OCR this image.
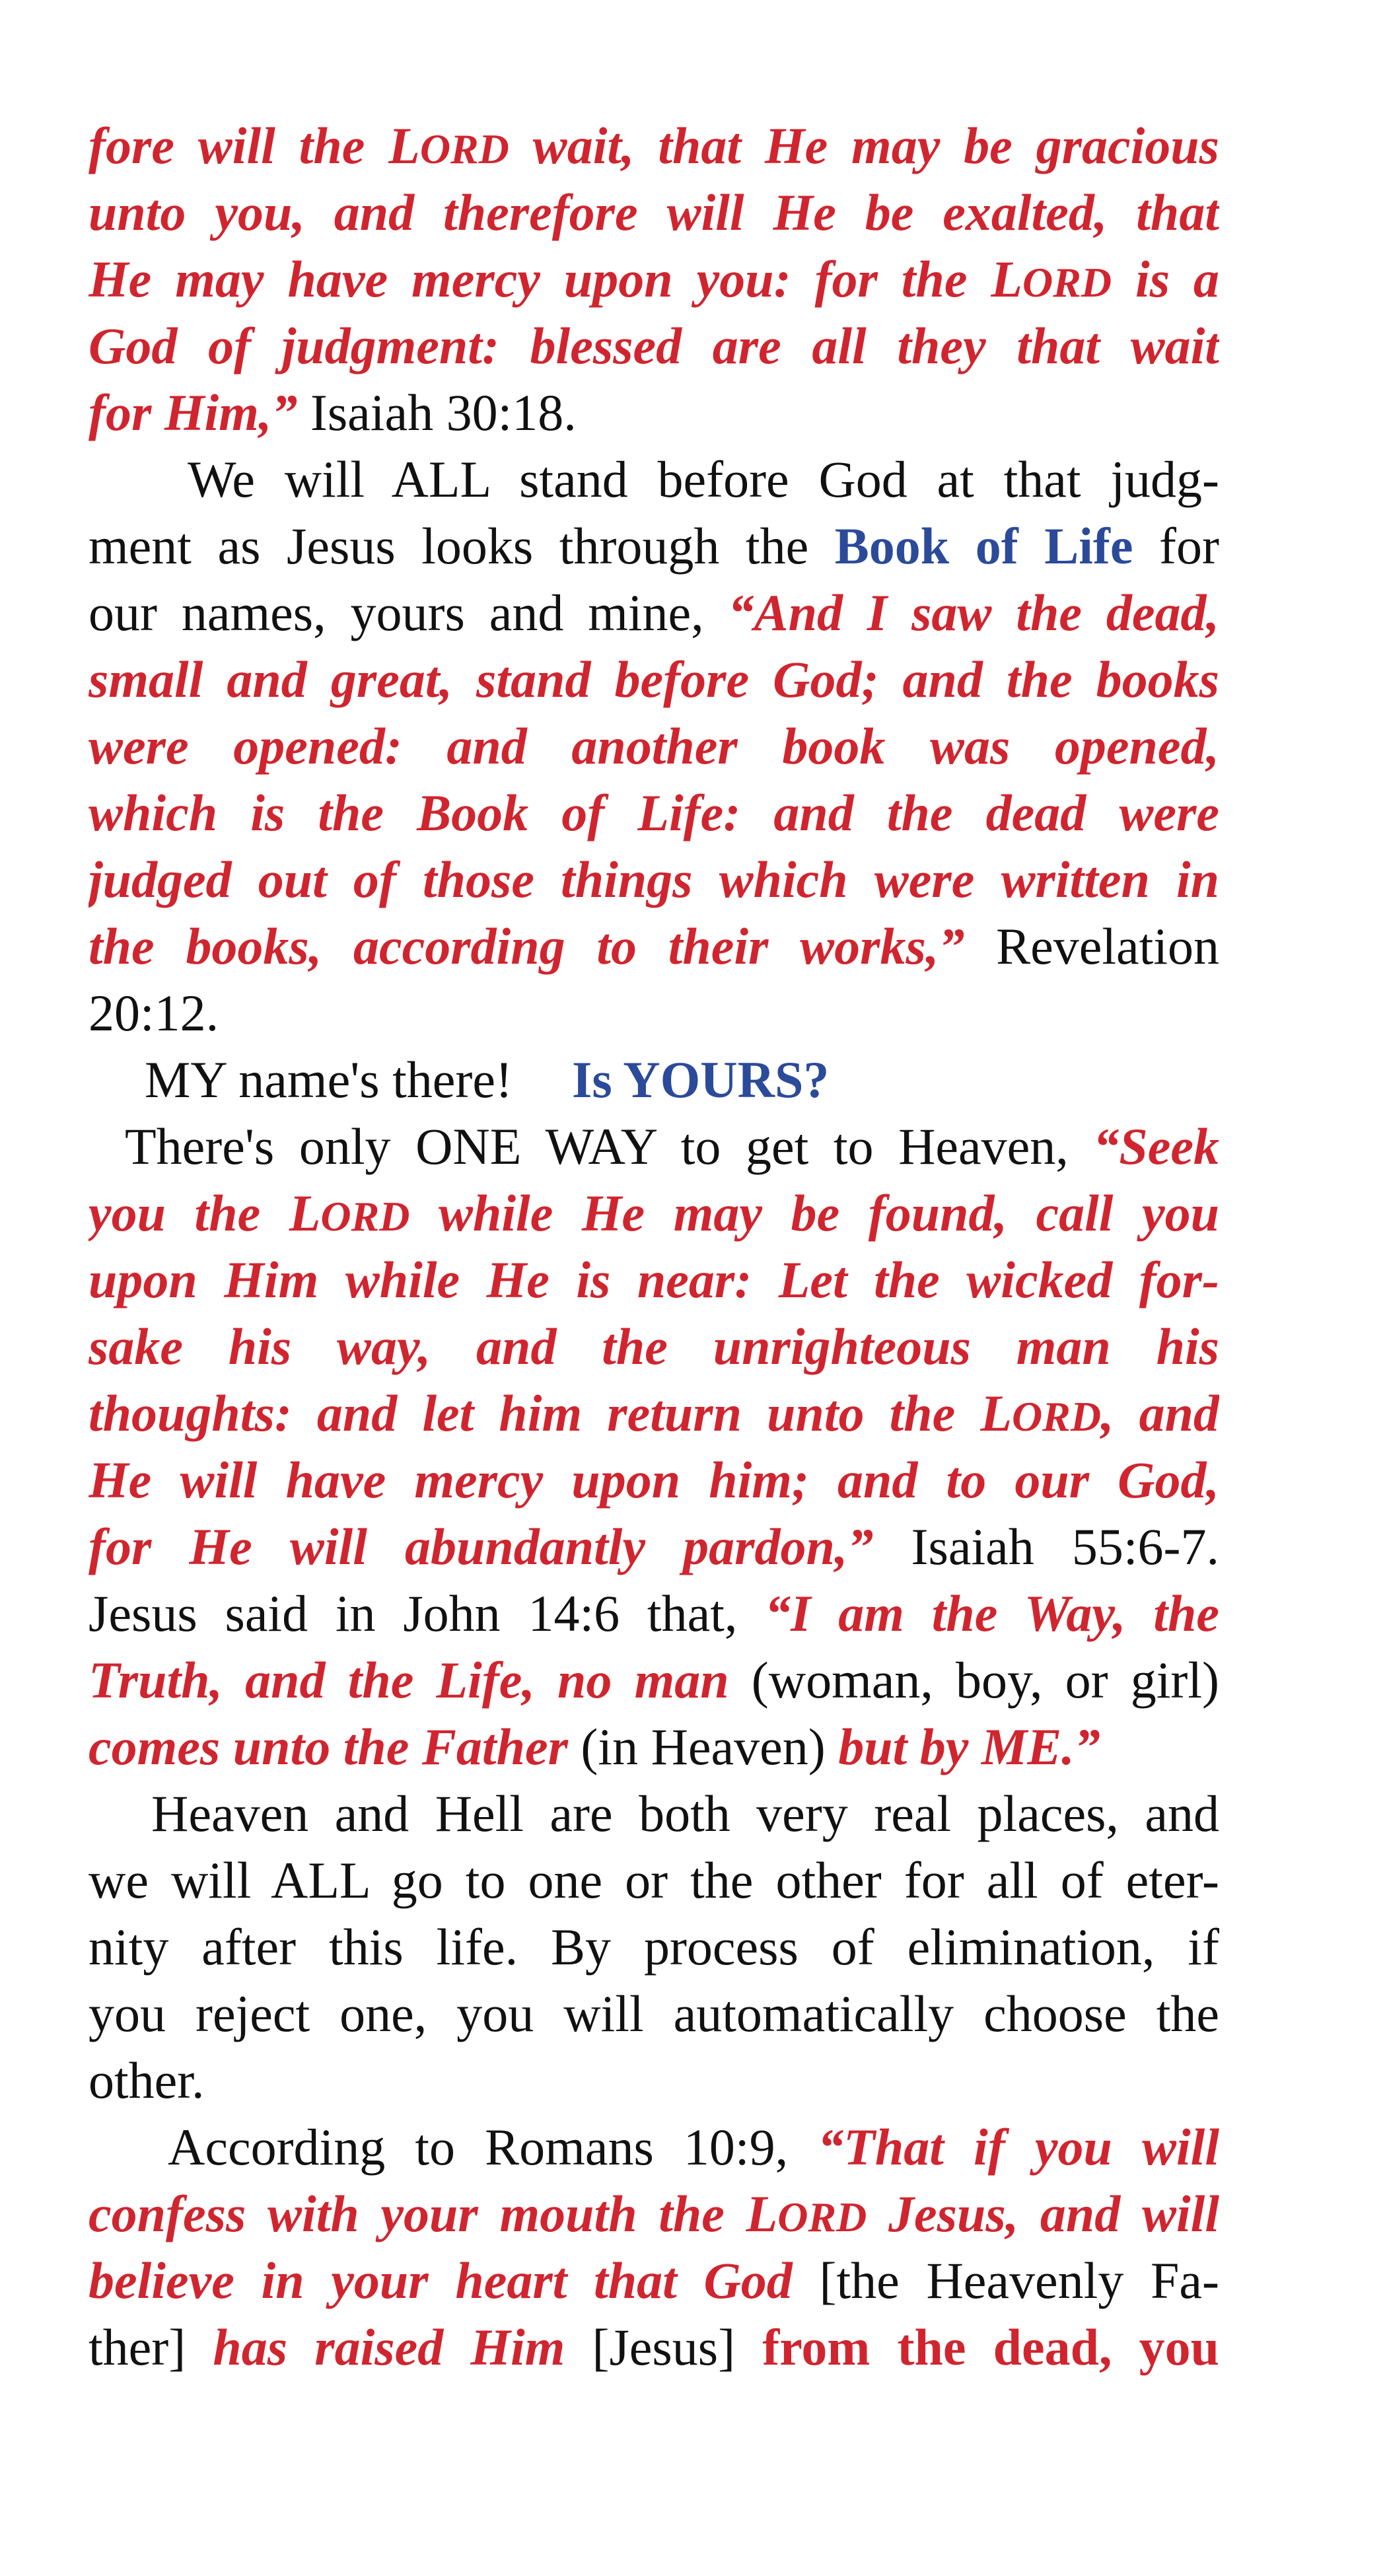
fore will the LORD wait, that He may be gracious
unto you, and therefore will He be exalted, that
He may have mercy upon you: for the LORD is a
God of judgment: blessed are all they that wait
for Him,” Isaiah 30:18.
We will ALL stand before God at that judg-
ment as Jesus looks through the Book of Life for
our names, yours and mine, “And I saw the dead,
small and great, stand before God; and the books
were opened: and another book was opened,
which is the Book of Life: and the dead were
judged out of those things which were written in
the books, according to their works,” Revelation
20:12.
MY name's there! Is YOURS?
There's only ONE WAY to get to Heaven, “Seek
you the LORD while He may be found, call you
upon Him while He is near: Let the wicked for-
sake his way, and the unrighteous man his
thoughts: and let him return unto the LORD, and
He will have mercy upon him; and to our God,
for He will abundantly pardon,” Isaiah 55:6-7.
Jesus said in John 14:6 that, “I am the Way, the
Truth, and the Life, no man (woman, boy, or girl)
comes unto the Father (in Heaven) but by ME.”
Heaven and Hell are both very real places, and
we will ALL go to one or the other for all of eter-
nity after this life. By process of elimination, if
you reject one, you will automatically choose the
other.
According to Romans 10:9, “That if you will
confess with your mouth the LORD Jesus, and will
believe in your heart that God [the Heavenly Fa-
ther] has raised Him [Jesus] from the dead, you
